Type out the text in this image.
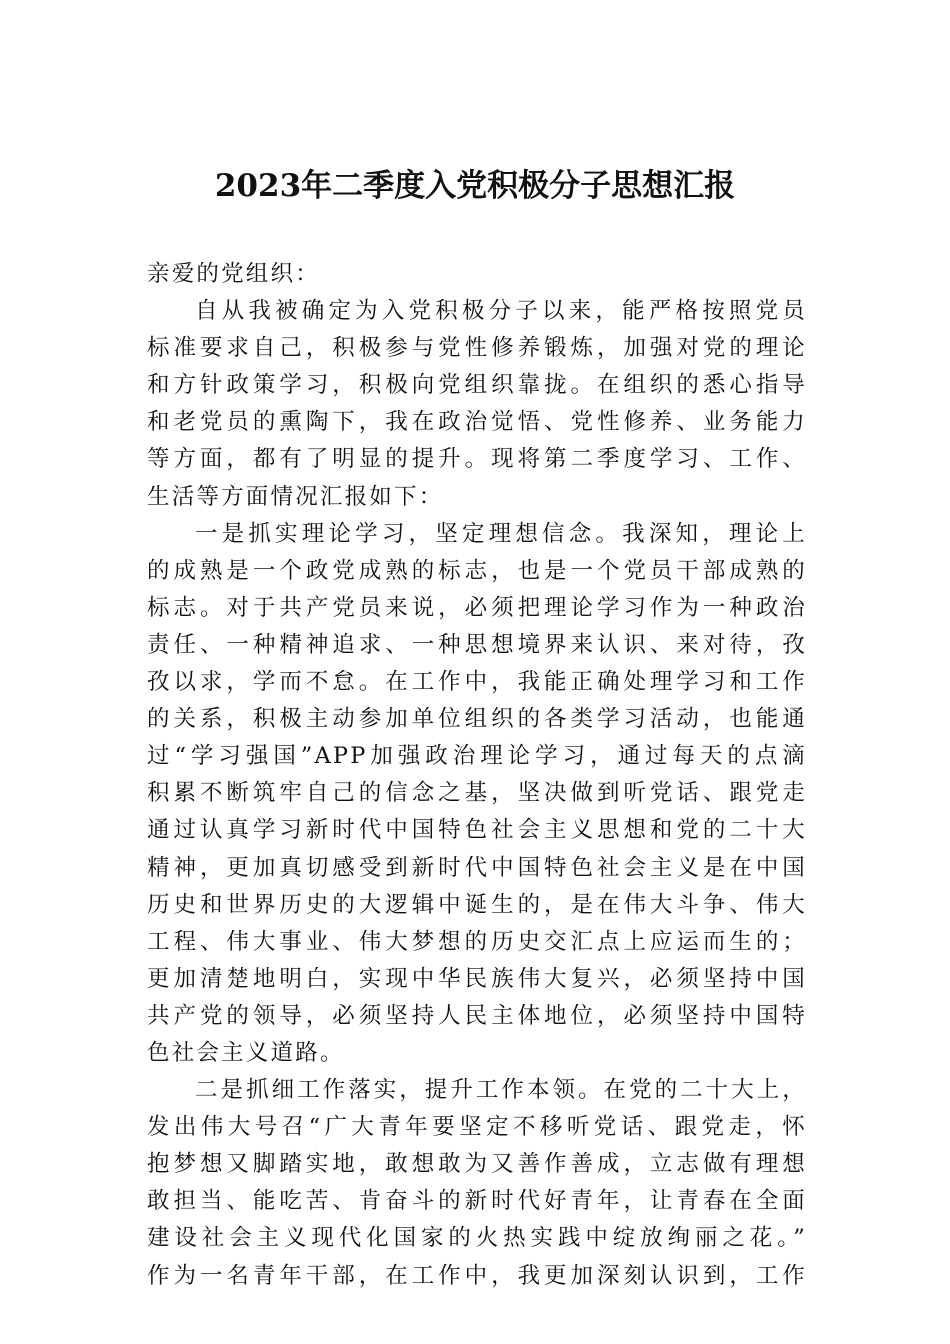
2023年二季度入党积极分子思想汇报
亲爱的党组织：
自从我被确定为入党积极分子以来，能严格按照党员
标准要求自己，积极参与党性修养锻炼，加强对党的理论
和方针政策学习，积极向党组织靠拢。在组织的悉心指导
和老党员的熏陶下，我在政治觉悟、党性修养、业务能力
等方面，都有了明显的提升。现将第二季度学习、工作、
生活等方面情况汇报如下：
一是抓实理论学习，坚定理想信念。我深知，理论上
的成熟是一个政党成熟的标志，也是一个党员干部成熟的
标志。对于共产党员来说，必须把理论学习作为一种政治
责任、一种精神追求、一种思想境界来认识、来对待，孜
孜以求，学而不怠。在工作中，我能正确处理学习和工作
的关系，积极主动参加单位组织的各类学习活动，也能通
过“学习强国”APP加强政治理论学习，通过每天的点滴
积累不断筑牢自己的信念之基，坚决做到听党话、跟党走
通过认真学习新时代中国特色社会主义思想和党的二十大
精神，更加真切感受到新时代中国特色社会主义是在中国
历史和世界历史的大逻辑中诞生的，是在伟大斗争、伟大
工程、伟大事业、伟大梦想的历史交汇点上应运而生的；
更加清楚地明白，实现中华民族伟大复兴，必须坚持中国
共产党的领导，必须坚持人民主体地位，必须坚持中国特
色社会主义道路。
二是抓细工作落实，提升工作本领。在党的二十大上，
发出伟大号召“广大青年要坚定不移听党话、跟党走，怀
抱梦想又脚踏实地，敢想敢为又善作善成，立志做有理想
敢担当、能吃苦、肯奋斗的新时代好青年，让青春在全面
建设社会主义现代化国家的火热实践中绽放绚丽之花。”
作为一名青年干部，在工作中，我更加深刻认识到，工作
